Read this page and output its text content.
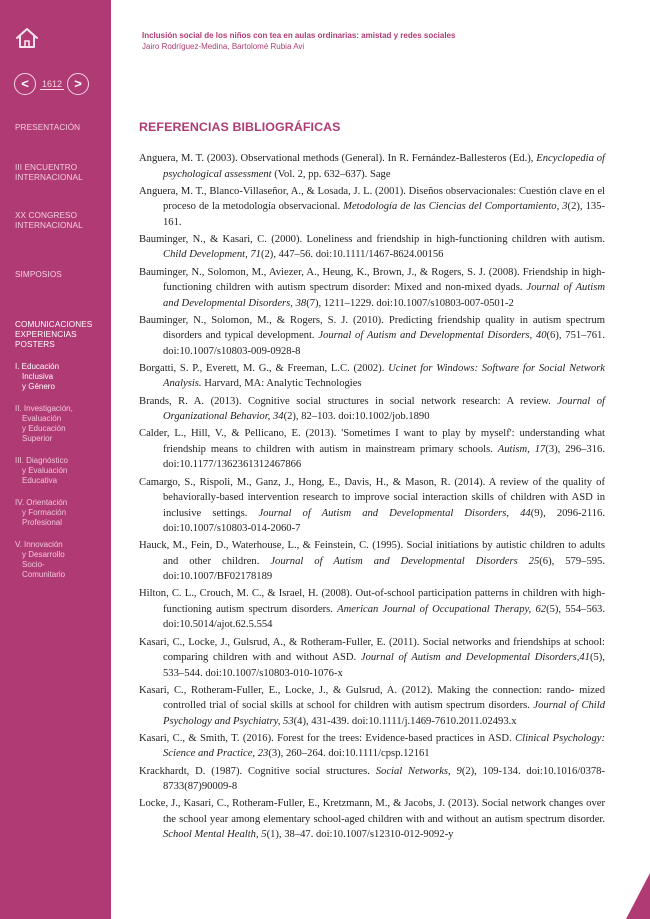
<	1612 >
PRESENTACIÓN
III ENCUENTRO INTERNACIONAL
XX CONGRESO INTERNACIONAL
SIMPOSIOS
COMUNICACIONES EXPERIENCIAS POSTERS
I. Educación
Inclusiva
y Género
II. Investigación,
Evaluación
y Educación
Superior
III. Diagnóstico
y Evaluación
Educativa
IV. Orientación
y Formación
Profesional
V. Innovación
y Desarrollo
Socio-
Comunitario
Inclusión social de los niños con tea en aulas ordinarias: amistad y redes sociales
Jairo Rodríguez-Medina, Bartolomé Rubia Avi
REFERENCIAS BIBLIOGRÁFICAS

Anguera, M. T. (2003). Observational methods (General). In R. Fernández-Ballesteros (Ed.), Encyclopedia of psychological assessment (Vol. 2, pp. 632–637). Sage

Anguera, M. T., Blanco-Villaseñor, A., & Losada, J. L. (2001). Diseños observacionales: Cuestión clave en el proceso de la metodología observacional. Metodología de las Ciencias del Comportamiento, 3(2), 135-161.

Bauminger, N., & Kasari, C. (2000). Loneliness and friendship in high-functioning children with autism. Child Development, 71(2), 447–56. doi:10.1111/1467-8624.00156

Bauminger, N., Solomon, M., Aviezer, A., Heung, K., Brown, J., & Rogers, S. J. (2008). Friendship in high-functioning children with autism spectrum disorder: Mixed and non-mixed dyads. Journal of Autism and Developmental Disorders, 38(7), 1211–1229. doi:10.1007/s10803-007-0501-2

Bauminger, N., Solomon, M., & Rogers, S. J. (2010). Predicting friendship quality in autism spectrum disorders and typical development. Journal of Autism and Developmental Disorders, 40(6), 751–761. doi:10.1007/s10803-009-0928-8

Borgatti, S. P., Everett, M. G., & Freeman, L.C. (2002). Ucinet for Windows: Software for Social Network Analysis. Harvard, MA: Analytic Technologies

Brands, R. A. (2013). Cognitive social structures in social network research: A review. Journal of Organizational Behavior, 34(2), 82–103. doi:10.1002/job.1890

Calder, L., Hill, V., & Pellicano, E. (2013). 'Sometimes I want to play by myself': understanding what friendship means to children with autism in mainstream primary schools. Autism, 17(3), 296–316. doi:10.1177/1362361312467866

Camargo, S., Rispoli, M., Ganz, J., Hong, E., Davis, H., & Mason, R. (2014). A review of the quality of behaviorally-based intervention research to improve social interaction skills of children with ASD in inclusive settings. Journal of Autism and Developmental Disorders, 44(9), 2096-2116. doi:10.1007/s10803-014-2060-7

Hauck, M., Fein, D., Waterhouse, L., & Feinstein, C. (1995). Social initiations by autistic children to adults and other children. Journal of Autism and Developmental Disorders 25(6), 579–595. doi:10.1007/BF02178189

Hilton, C. L., Crouch, M. C., & Israel, H. (2008). Out-of-school participation patterns in children with high-functioning autism spectrum disorders. American Journal of Occupational Therapy, 62(5), 554–563. doi:10.5014/ajot.62.5.554

Kasari, C., Locke, J., Gulsrud, A., & Rotheram-Fuller, E. (2011). Social networks and friendships at school: comparing children with and without ASD. Journal of Autism and Developmental Disorders,41(5), 533–544. doi:10.1007/s10803-010-1076-x

Kasari, C., Rotheram-Fuller, E., Locke, J., & Gulsrud, A. (2012). Making the connection: rando- mized controlled trial of social skills at school for children with autism spectrum disorders. Journal of Child Psychology and Psychiatry, 53(4), 431-439. doi:10.1111/j.1469-7610.2011.02493.x

Kasari, C., & Smith, T. (2016). Forest for the trees: Evidence-based practices in ASD. Clinical Psychology: Science and Practice, 23(3), 260–264. doi:10.1111/cpsp.12161

Krackhardt, D. (1987). Cognitive social structures. Social Networks, 9(2), 109-134. doi:10.1016/0378-8733(87)90009-8

Locke, J., Kasari, C., Rotheram-Fuller, E., Kretzmann, M., & Jacobs, J. (2013). Social network changes over the school year among elementary school-aged children with and without an autism spectrum disorder. School Mental Health, 5(1), 38–47. doi:10.1007/s12310-012-9092-y
